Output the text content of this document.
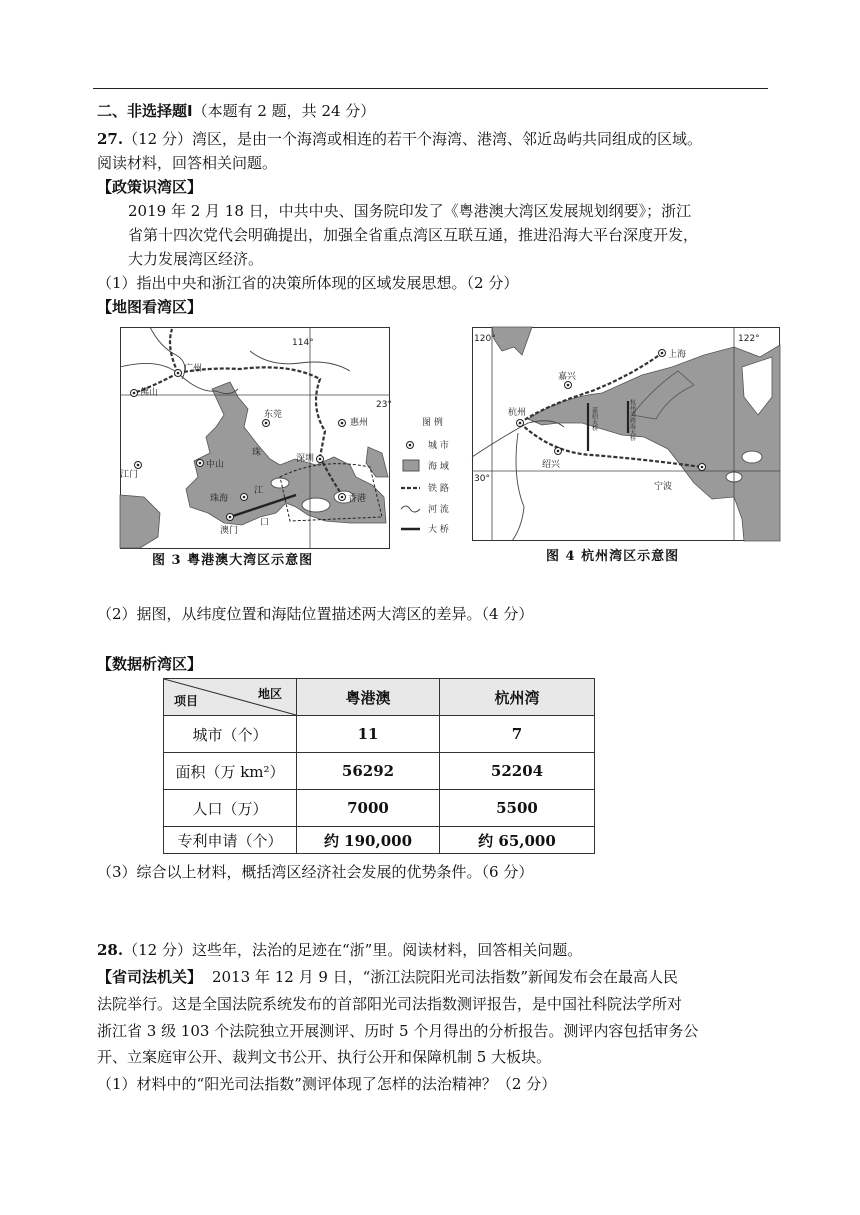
二、非选择题Ⅰ（本题有 2 题，共 24 分）
27.（12 分）湾区，是由一个海湾或相连的若干个海湾、港湾、邻近岛屿共同组成的区域。
阅读材料，回答相关问题。
【政策识湾区】
2019 年 2 月 18 日，中共中央、国务院印发了《粤港澳大湾区发展规划纲要》；浙江
省第十四次党代会明确提出，加强全省重点湾区互联互通，推进沿海大平台深度开发，
大力发展湾区经济。
（1）指出中央和浙江省的决策所体现的区域发展思想。（2 分）
【地图看湾区】
114°
23°
广州
佛山
东莞
惠州
江门
中山
深圳
珠海
澳门
香港
珠
江
口
图 例
城 市
海 域
铁 路
河 流
大 桥
120°	122°
30°
上海
嘉兴
杭州
绍兴
宁波
杭州湾跨海大桥
嘉绍大桥
图 3 粤港澳大湾区示意图	图 4 杭州湾区示意图
（2）据图，从纬度位置和海陆位置描述两大湾区的差异。（4 分）
【数据析湾区】
项目 地区	粤港澳	杭州湾
城市（个）	11	7
面积（万 km²）	56292	52204
人口（万）	7000	5500
专利申请（个）	约 190,000	约 65,000
（3）综合以上材料，概括湾区经济社会发展的优势条件。（6 分）
28.（12 分）这些年，法治的足迹在“浙”里。阅读材料，回答相关问题。
【省司法机关】 2013 年 12 月 9 日，“浙江法院阳光司法指数”新闻发布会在最高人民
法院举行。这是全国法院系统发布的首部阳光司法指数测评报告，是中国社科院法学所对
浙江省 3 级 103 个法院独立开展测评、历时 5 个月得出的分析报告。测评内容包括审务公
开、立案庭审公开、裁判文书公开、执行公开和保障机制 5 大板块。
（1）材料中的“阳光司法指数”测评体现了怎样的法治精神？（2 分）
